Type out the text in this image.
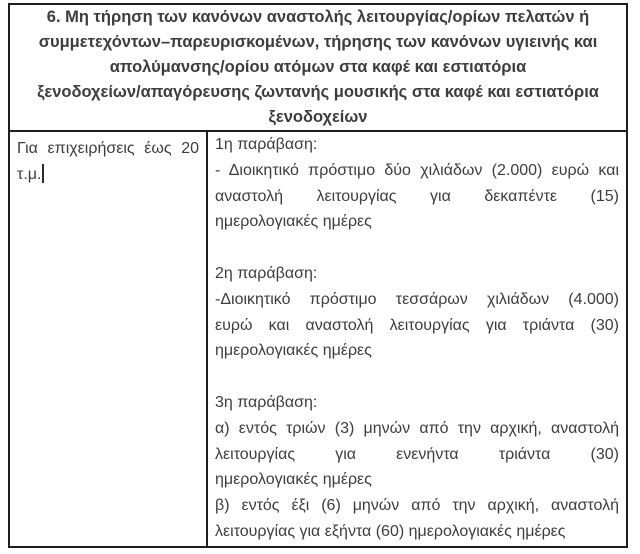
6. Μη τήρηση των κανόνων αναστολής λειτουργίας/ορίων πελατών ή
συμμετεχόντων–παρευρισκομένων, τήρησης των κανόνων υγιεινής και
απολύμανσης/ορίου ατόμων στα καφέ και εστιατόρια
ξενοδοχείων/απαγόρευσης ζωντανής μουσικής στα καφέ και εστιατόρια
ξενοδοχείων
Για επιχειρήσεις έως 20
τ.μ.
1η παράβαση:
- Διοικητικό πρόστιμο δύο χιλιάδων (2.000) ευρώ και
αναστολή λειτουργίας για δεκαπέντε (15)
ημερολογιακές ημέρες
2η παράβαση:
-Διοικητικό πρόστιμο τεσσάρων χιλιάδων (4.000)
ευρώ και αναστολή λειτουργίας για τριάντα (30)
ημερολογιακές ημέρες
3η παράβαση:
α) εντός τριών (3) μηνών από την αρχική, αναστολή
λειτουργίας για ενενήντα τριάντα (30)
ημερολογιακές ημέρες
β) εντός έξι (6) μηνών από την αρχική, αναστολή
λειτουργίας για εξήντα (60) ημερολογιακές ημέρες
